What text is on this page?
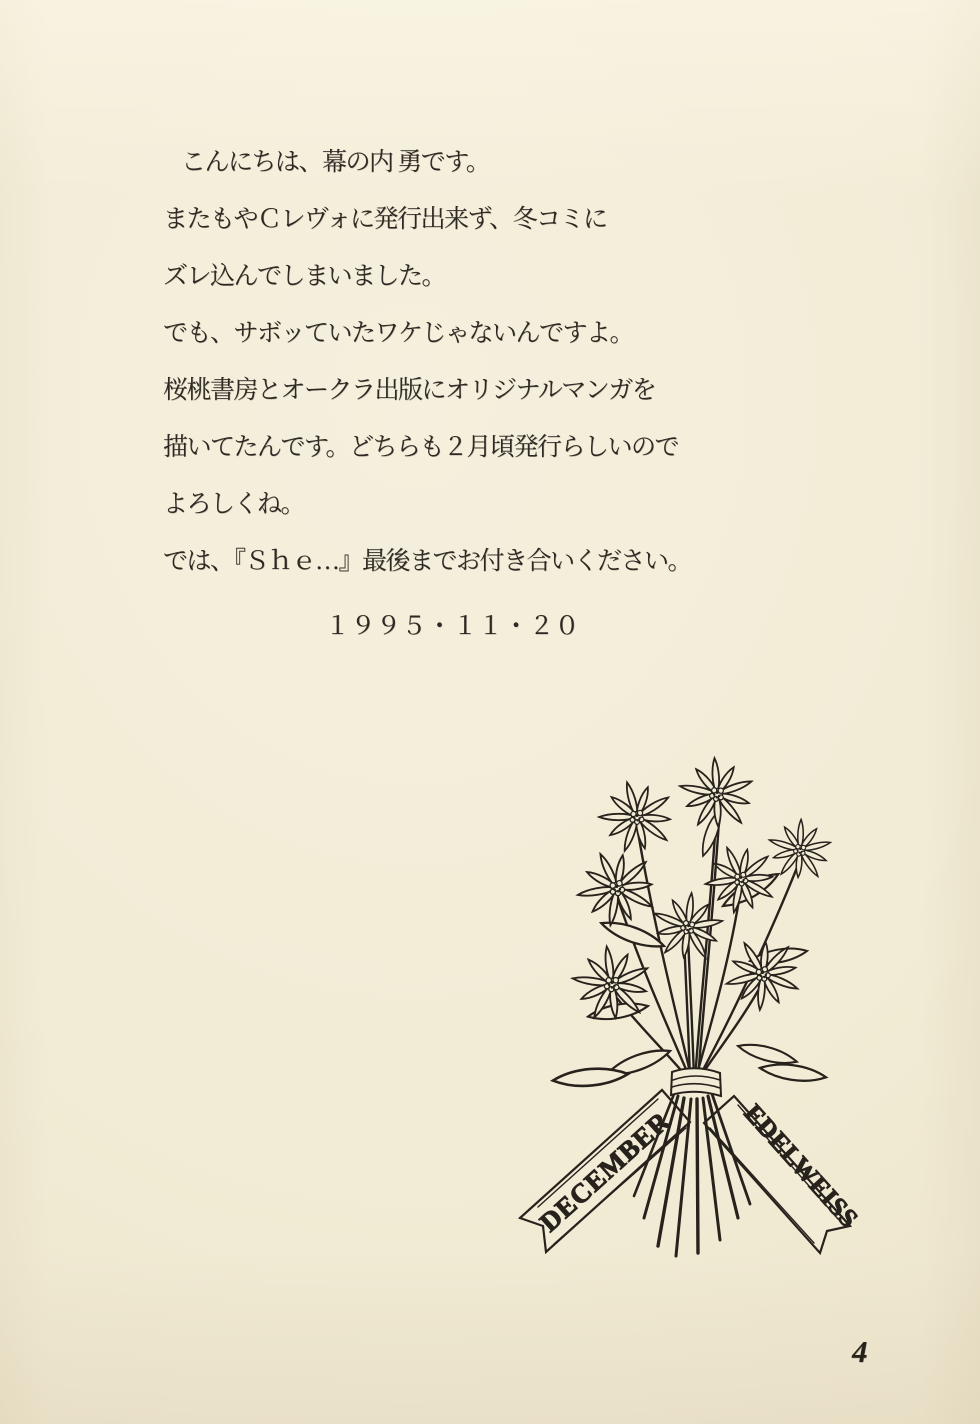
こんにちは、幕の内 勇です。

またもやＣレヴォに発行出来ず、冬コミに

ズレ込んでしまいました。

でも、サボッていたワケじゃないんですよ。

桜桃書房とオークラ出版にオリジナルマンガを

描いてたんです。どちらも２月頃発行らしいので

よろしくね。

では、『Ｓｈｅ…』最後までお付き合いください。

１９９５・１１・２０

DECEMBER EDELWEISS
4
